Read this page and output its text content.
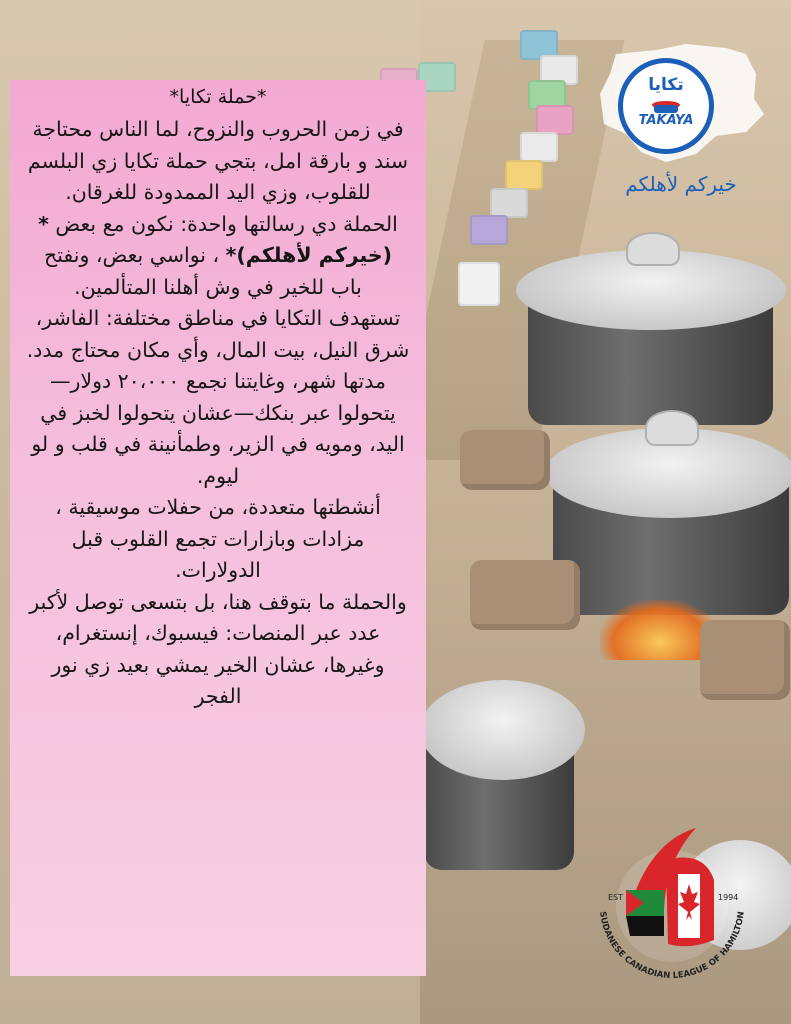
*حملة تكايا*

في زمن الحروب والنزوح، لما الناس محتاجة سند و بارقة امل، بتجي حملة تكايا زي البلسم للقلوب، وزي اليد الممدودة للغرقان.

الحملة دي رسالتها واحدة: نكون مع بعض *(خيركم لأهلكم)* ، نواسي بعض، ونفتح باب للخير في وش أهلنا المتألمين.

تستهدف التكايا في مناطق مختلفة: الفاشر، شرق النيل، بيت المال، وأي مكان محتاج مدد.

مدتها شهر، وغايتنا نجمع ٢٠،٠٠٠ دولار—يتحولوا عبر بنكك—عشان يتحولوا لخبز في اليد، ومويه في الزير، وطمأنينة في قلب و لو ليوم.

أنشطتها متعددة، من حفلات موسيقية ، مزادات وبازارات تجمع القلوب قبل الدولارات.

والحملة ما بتوقف هنا، بل بتسعى توصل لأكبر عدد عبر المنصات: فيسبوك، إنستغرام، وغيرها، عشان الخير يمشي بعيد زي نور الفجر

تكايا
TAKAYA
خيركم لأهلكم
EST	1994
SUDANESE CANADIAN LEAGUE OF HAMILTON
